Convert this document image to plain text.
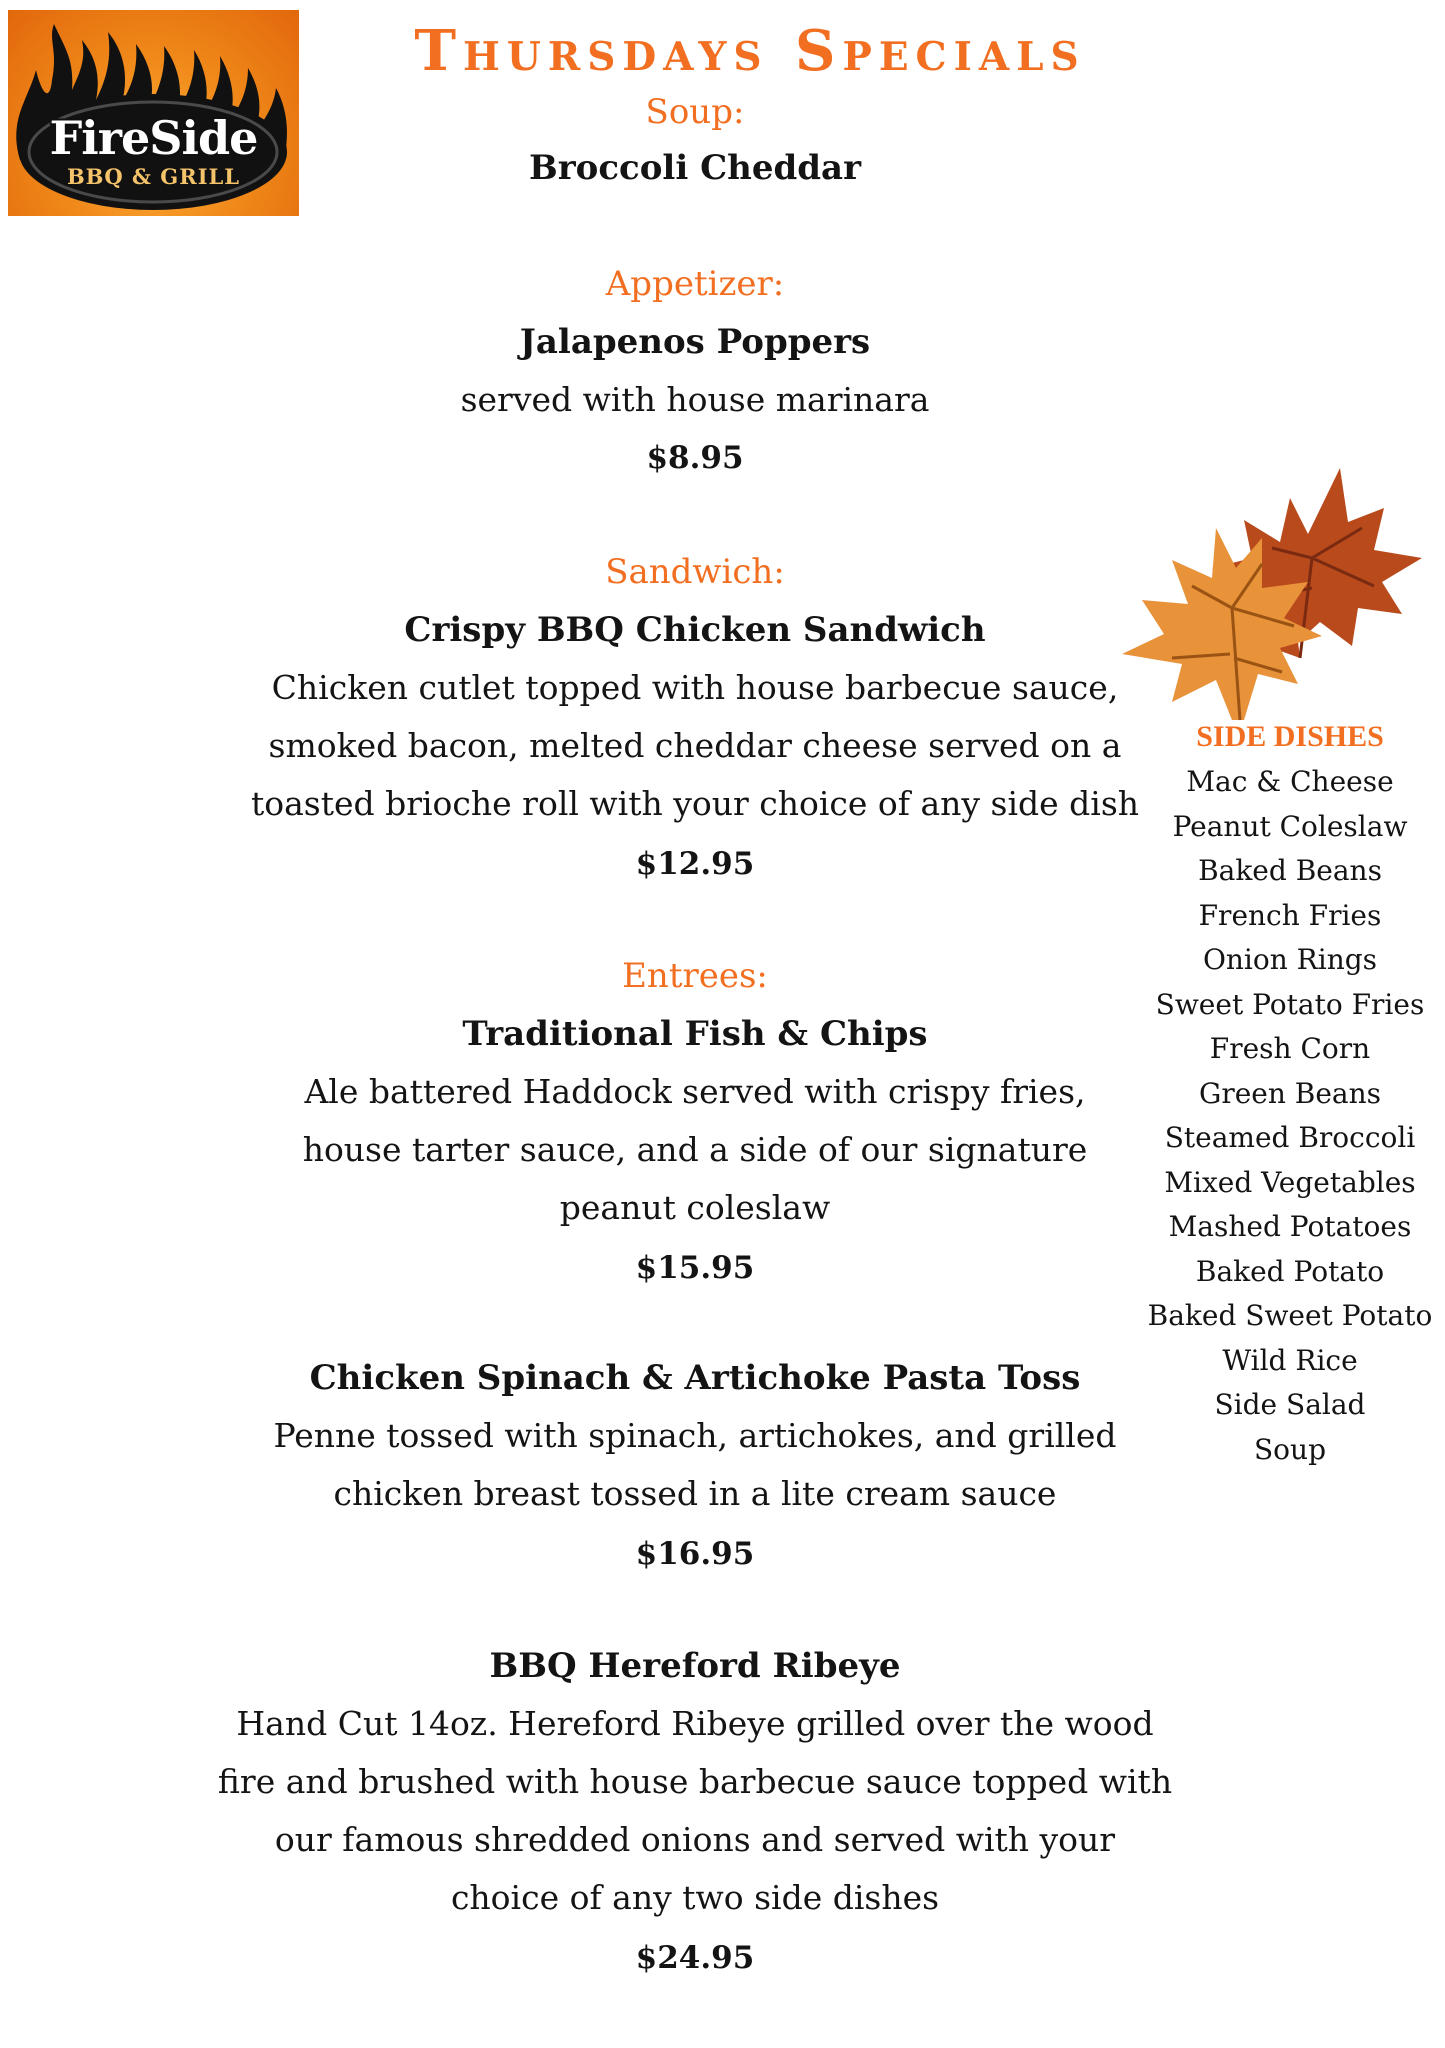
FireSide
BBQ & GRILL
Thursdays Specials
Soup:
Broccoli Cheddar
Appetizer:
Jalapenos Poppers
served with house marinara
$8.95
Sandwich:
Crispy BBQ Chicken Sandwich
Chicken cutlet topped with house barbecue sauce,
smoked bacon, melted cheddar cheese served on a
toasted brioche roll with your choice of any side dish
$12.95
Entrees:
Traditional Fish & Chips
Ale battered Haddock served with crispy fries,
house tarter sauce, and a side of our signature
peanut coleslaw
$15.95
Chicken Spinach & Artichoke Pasta Toss
Penne tossed with spinach, artichokes, and grilled
chicken breast tossed in a lite cream sauce
$16.95
BBQ Hereford Ribeye
Hand Cut 14oz. Hereford Ribeye grilled over the wood
fire and brushed with house barbecue sauce topped with
our famous shredded onions and served with your
choice of any two side dishes
$24.95
SIDE DISHES
Mac & Cheese
Peanut Coleslaw
Baked Beans
French Fries
Onion Rings
Sweet Potato Fries
Fresh Corn
Green Beans
Steamed Broccoli
Mixed Vegetables
Mashed Potatoes
Baked Potato
Baked Sweet Potato
Wild Rice
Side Salad
Soup
